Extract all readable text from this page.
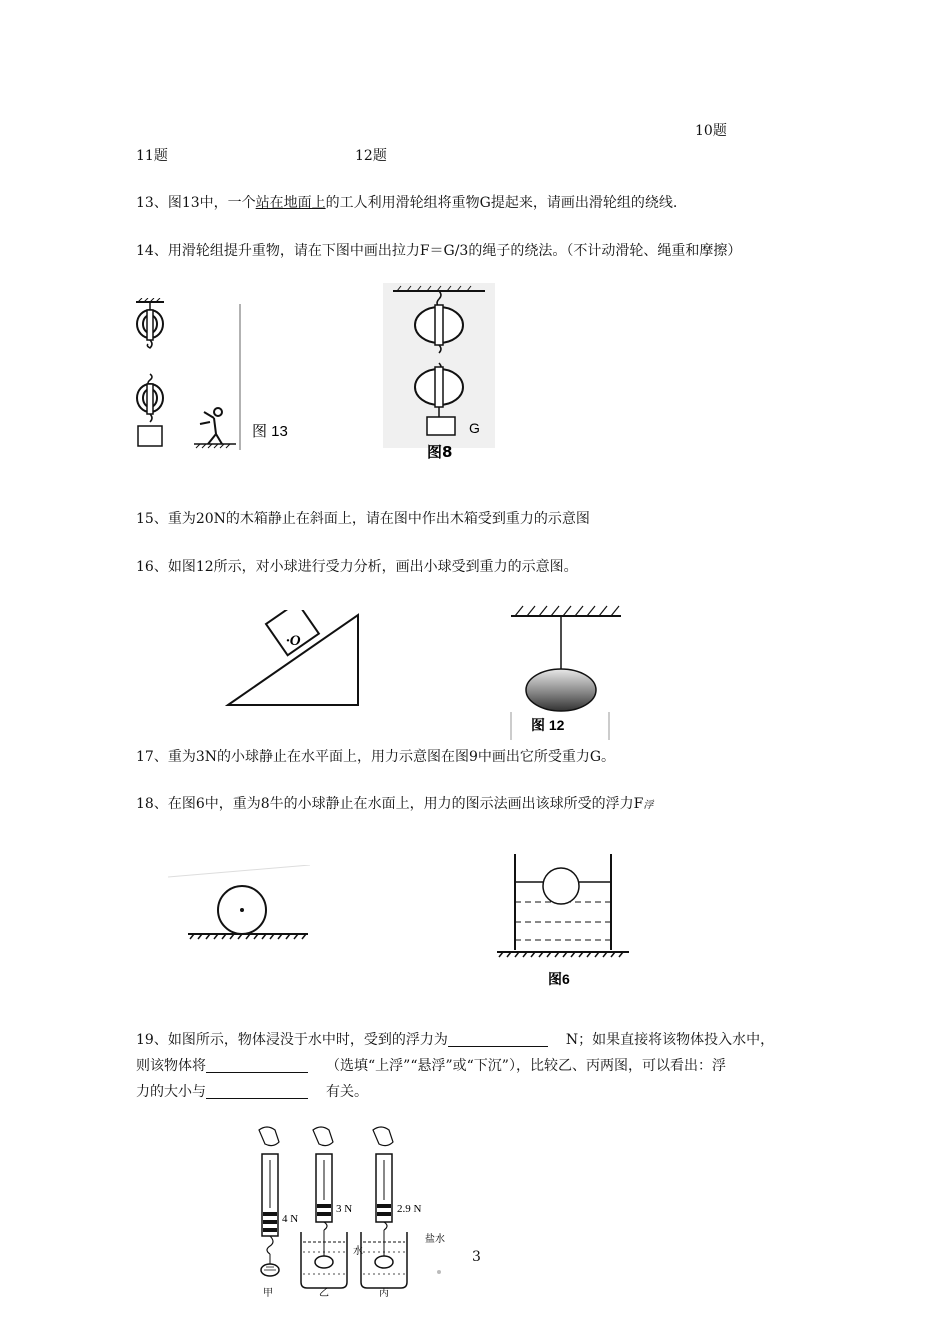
10题
11题	12题
13、图13中，一个站在地面上的工人利用滑轮组将重物G提起来，请画出滑轮组的绕线.
14、用滑轮组提升重物，请在下图中画出拉力F＝G/3的绳子的绕法。（不计动滑轮、绳重和摩擦）
图 13	G
图8
15、重为20N的木箱静止在斜面上，请在图中作出木箱受到重力的示意图
16、如图12所示，对小球进行受力分析，画出小球受到重力的示意图。
·O
图 12
17、重为3N的小球静止在水平面上，用力示意图在图9中画出它所受重力G。
18、在图6中，重为8牛的小球静止在水面上，用力的图示法画出该球所受的浮力F浮
图6
19、如图所示，物体浸没于水中时，受到的浮力为	N；如果直接将该物体投入水中，
则该物体将	（选填“上浮”“悬浮”或“下沉”），比较乙、丙两图，可以看出：浮
力的大小与	有关。
4 N
3 N
水
2.9 N
盐水
甲	乙	丙
3
